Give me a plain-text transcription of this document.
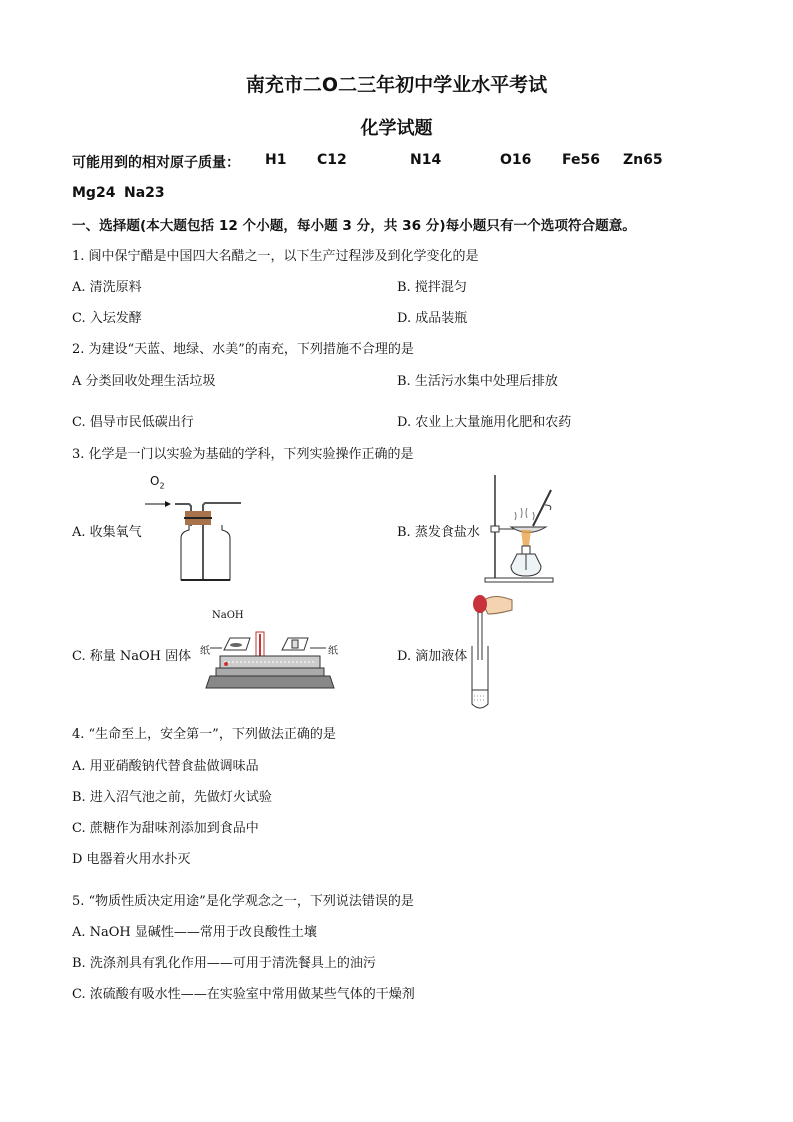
南充市二O二三年初中学业水平考试
化学试题
可能用到的相对原子质量： H1 C12	N14	O16 Fe56 Zn65
Mg24 Na23
一、选择题(本大题包括 12 个小题，每小题 3 分，共 36 分)每小题只有一个选项符合题意。
1. 阆中保宁醋是中国四大名醋之一，以下生产过程涉及到化学变化的是
A. 清洗原料	B. 搅拌混匀
C. 入坛发酵	D. 成品装瓶
2. 为建设“天蓝、地绿、水美”的南充，下列措施不合理的是
A 分类回收处理生活垃圾	B. 生活污水集中处理后排放
C. 倡导市民低碳出行	D. 农业上大量施用化肥和农药
3. 化学是一门以实验为基础的学科，下列实验操作正确的是
A. 收集氧气	B. 蒸发食盐水
C. 称量 NaOH 固体	D. 滴加液体
$O_2$
NaOH
纸	纸
4. “生命至上，安全第一”，下列做法正确的是
A. 用亚硝酸钠代替食盐做调味品
B. 进入沼气池之前，先做灯火试验
C. 蔗糖作为甜味剂添加到食品中
D 电器着火用水扑灭
5. “物质性质决定用途”是化学观念之一，下列说法错误的是
A. NaOH 显碱性——常用于改良酸性土壤
B. 洗涤剂具有乳化作用——可用于清洗餐具上的油污
C. 浓硫酸有吸水性——在实验室中常用做某些气体的干燥剂
